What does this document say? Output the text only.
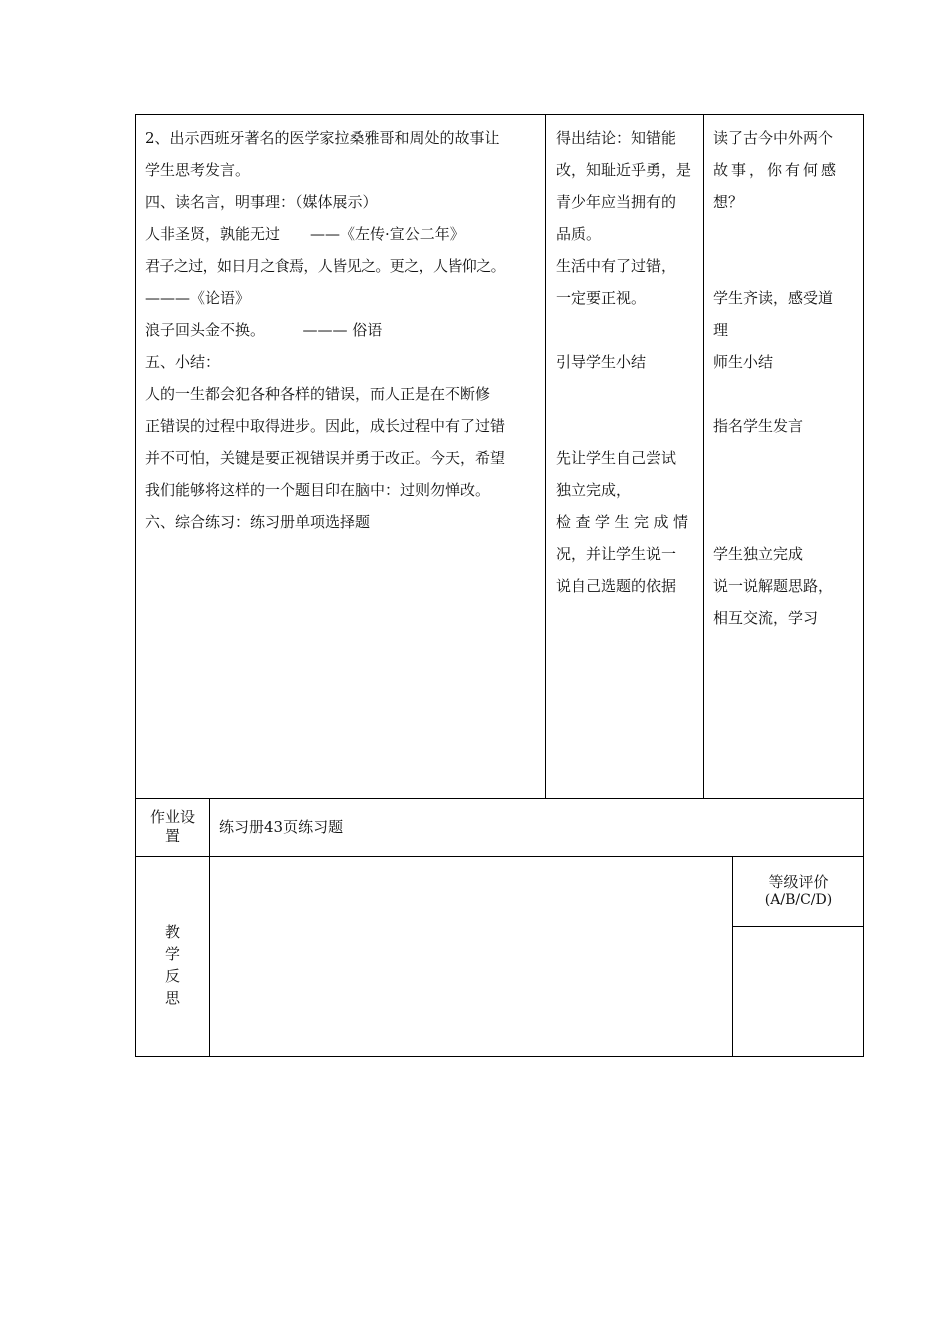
2、出示西班牙著名的医学家拉桑雅哥和周处的故事让

学生思考发言。

四、读名言，明事理：（媒体展示）

人非圣贤，孰能无过　　——《左传·宣公二年》

君子之过，如日月之食焉，人皆见之。更之，人皆仰之。

———《论语》

浪子回头金不换。　　　——— 俗语

五、小结：

人的一生都会犯各种各样的错误，而人正是在不断修

正错误的过程中取得进步。因此，成长过程中有了过错

并不可怕，关键是要正视错误并勇于改正。今天，希望

我们能够将这样的一个题目印在脑中：过则勿惮改。

六、综合练习：练习册单项选择题

得出结论：知错能

改，知耻近乎勇，是

青少年应当拥有的

品质。

生活中有了过错，

一定要正视。

引导学生小结

先让学生自己尝试

独立完成，

检查学生完成情

况，并让学生说一

说自己选题的依据

读了古今中外两个

故事，你有何感

想？

学生齐读，感受道

理

师生小结

指名学生发言

学生独立完成

说一说解题思路，

相互交流，学习

作业设
置	练习册43页练习题
教
学
反
思
等级评价
(A/B/C/D)
